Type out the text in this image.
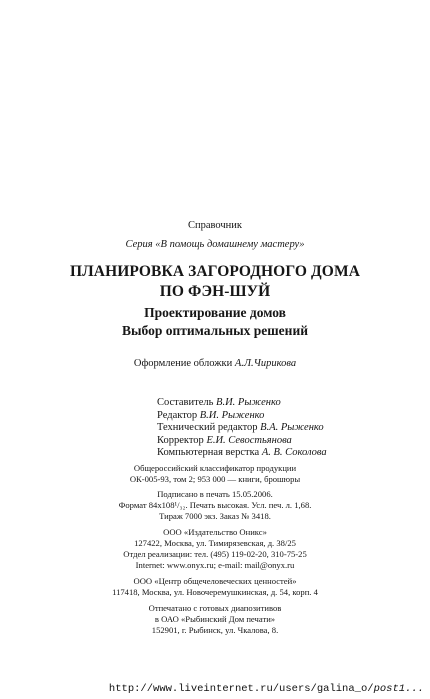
Справочник
Серия «В помощь домашнему мастеру»
ПЛАНИРОВКА ЗАГОРОДНОГО ДОМА
ПО ФЭН-ШУЙ
Проектирование домов
Выбор оптимальных решений
Оформление обложки А.Л.Чирикова
Составитель В.И. Рыженко
Редактор В.И. Рыженко
Технический редактор В.А. Рыженко
Корректор Е.И. Севостьянова
Компьютерная верстка А. В. Соколова
Общероссийский классификатор продукции
ОК-005-93, том 2; 953 000 — книги, брошюры
Подписано в печать 15.05.2006.
Формат 84х108¹/₃₂. Печать высокая. Усл. печ. л. 1,68.
Тираж 7000 экз. Заказ № 3418.
ООО «Издательство Оникс»
127422, Москва, ул. Тимирязевская, д. 38/25
Отдел реализации: тел. (495) 119-02-20, 310-75-25
Internet: www.onyx.ru; e-mail: mail@onyx.ru
ООО «Центр общечеловеческих ценностей»
117418, Москва, ул. Новочеремушкинская, д. 54, корп. 4
Отпечатано с готовых диапозитивов
в ОАО «Рыбинский Дом печати»
152901, г. Рыбинск, ул. Чкалова, 8.
http://www.liveinternet.ru/users/galina_o/post1...
